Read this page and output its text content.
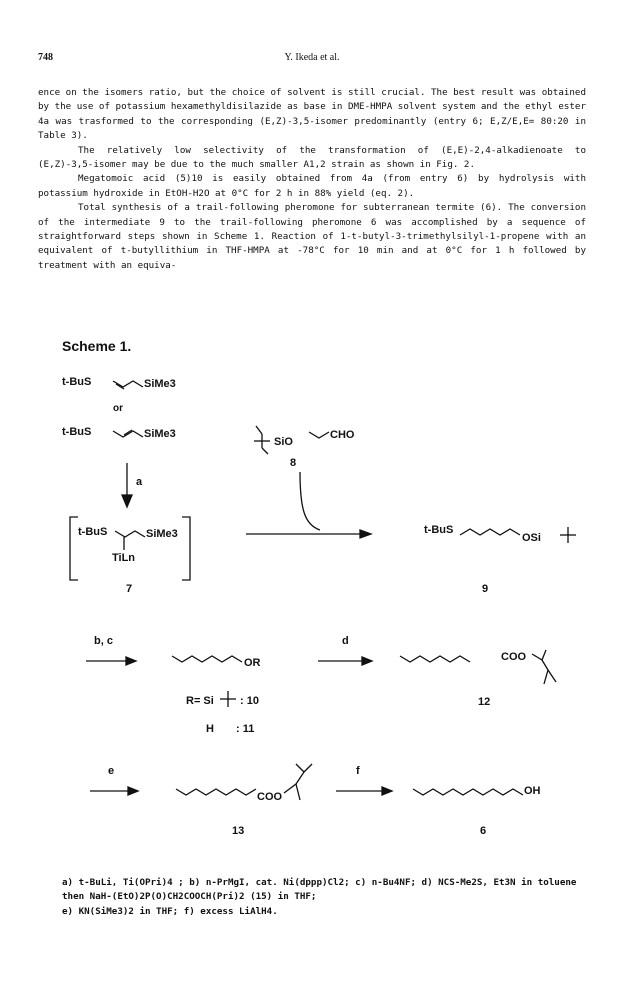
748	Y. Ikeda et al.

ence on the isomers ratio, but the choice of solvent is still crucial. The best result was obtained by the use of potassium hexamethyldisilazide as base in DME-HMPA solvent system and the ethyl ester 4a was trasformed to the corresponding (E,Z)-3,5-isomer predominantly (entry 6; E,Z/E,E= 80:20 in Table 3).

The relatively low selectivity of the transformation of (E,E)-2,4-alkadienoate to (E,Z)-3,5-isomer may be due to the much smaller A1,2 strain as shown in Fig. 2.

Megatomoic acid (5)10 is easily obtained from 4a (from entry 6) by hydrolysis with potassium hydroxide in EtOH-H2O at 0°C for 2 h in 88% yield (eq. 2).

Total synthesis of a trail-following pheromone for subterranean termite (6). The conversion of the intermediate 9 to the trail-following pheromone 6 was accomplished by a sequence of straightforward steps shown in Scheme 1. Reaction of 1-t-butyl-3-trimethylsilyl-1-propene with an equivalent of t-butyllithium in THF-HMPA at -78°C for 10 min and at 0°C for 1 h followed by treatment with an equiva-

Scheme 1.
t-BuS	SiMe3
or
t-BuS	SiMe3
SiO
CHO
8
a
t-BuS	SiMe3
TiLn
7
t-BuS
OSi
9
b, c
OR
R= Si : 10
H : 11
d
COO
12
e
COO
13
f
OH
6

a) t-BuLi, Ti(OPri)4 ; b) n-PrMgI, cat. Ni(dppp)Cl2; c) n-Bu4NF; d) NCS-Me2S, Et3N in toluene then NaH-(EtO)2P(O)CH2COOCH(Pri)2 (15) in THF;

e) KN(SiMe3)2 in THF; f) excess LiAlH4.
